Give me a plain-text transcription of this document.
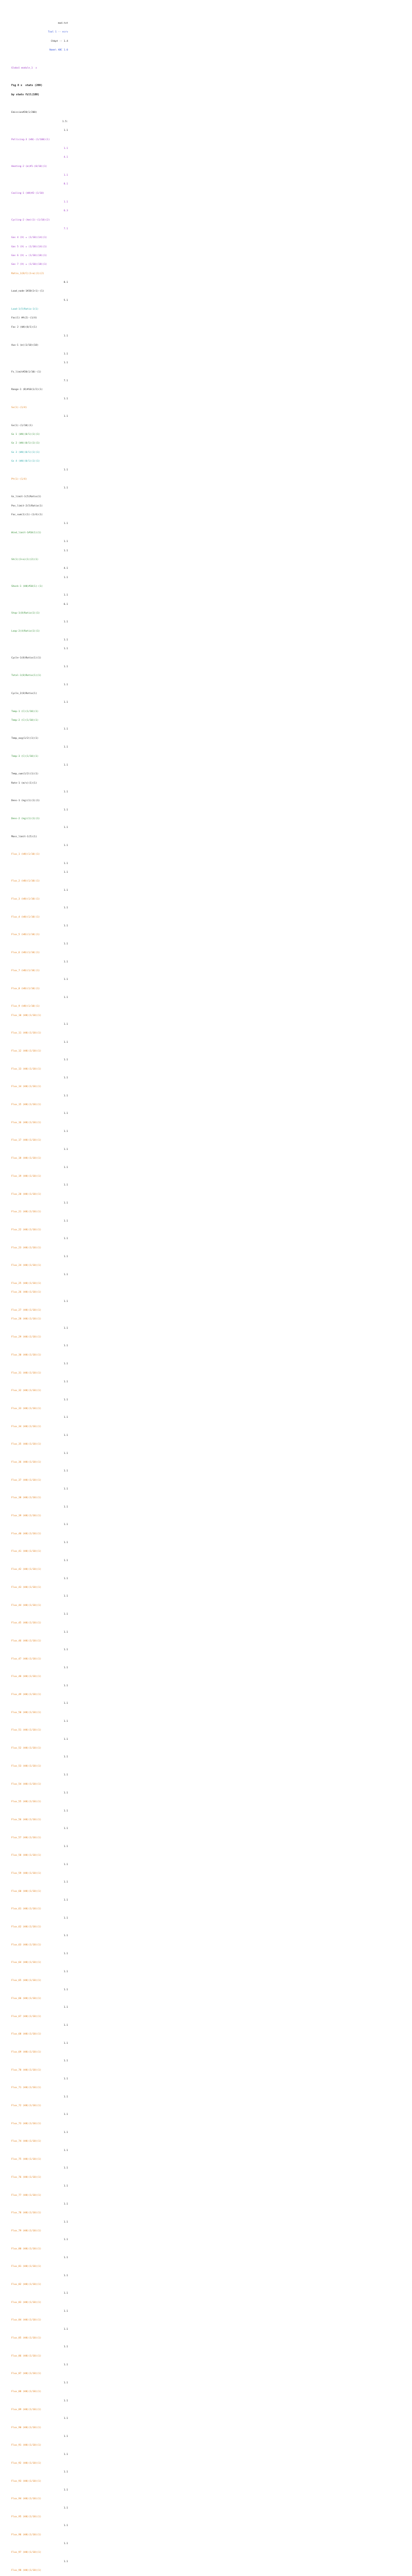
mod.txt
Tool 1 -- ecrv
Chkpt -- 1.4
Name\ ABC 1.0
Global module_1  x
Fig 8 x  stats (200)
by stats fill(100)
Emission#20(1/200)
1.5:
1.1
Pollicing-3 (kN)-(1/100)(1)
1.1
4.1
Heating-2 (m)#1-(8/10)(1)
1.1
8.1
Cooling-1 (kN)#2-(1/10)
1.1
6.3
Cycling-2 (km)(1)-(1/10)(2)
7.1
Gas 4 (V) = (1/10)(14)(1)
Gas 5 (V) = (1/10)(14)(1)
Gas 6 (V) = (1/10)(18)(1)
Gas 7 (V) = (1/10)(18)(1)
Ratio_1(B/C)(1+a)(1)(2)
8.1
Load_node-1#20(1+1)-(1)
5.1
Load-1(5)Ratio-1(1)
Fac(1) #A(2)-(1/4)
Fac 2 (kN)(0/1)(1)
1.1
Aux-1 (m)(1/10)(10)
1.1
1.1
Fs_limit#20(1/10)-(1)
7.1
Range-1 (B)#10(1/2)(1)
1.1
Sx(1)-(1/4)
1.1
Gx(1)-(1/10)(1)
Gx 1 (kN)(0/1)(1)(1)
Gx 2 (kN)(0/1)(1)(1)
Gx 3 (kN)(0/1)(1)(1)
Gx 4 (kN)(0/1)(1)(1)
1.1
Pt(1)-(1/4)
1.1
Gs_limit-1(5)Ratio(1)
Pos_limit-2(5)Ratio(1)
Fac_sum(1)(1)-(1/4)(1)
1.1
Wind_limit-1#10(1)(1)
1.1
1.1
Sh(1)(1+a)(1)(2)(1)
4.1
1.1
Shock-1 (kN)#10(1)-(1)
1.1
6.1
Stop-1(8)Ratio(1)(1)
1.1
Loop-2(4)Ratio(1)(1)
1.1
1.1
Cycle-1(8)Ratio(1)(1)
1.1
Total-1(8)Ratio(1)(1)
1.1
Cycle_2(8)Ratio(1)
1.1
Temp-1 (C)(1/10)(1)
Temp-2 (C)(1/10)(1)
1.1
Temp_avg(1/2)(1)(1)
1.1
Temp-3 (C)(1/10)(1)
1.1
Temp_sum(1/2)(1)(1)
Rate-1 (m/s)(1)(1)
1.1
Dens-1 (kg)(1)(1)(1)
1.1
Dens-2 (kg)(1)(1)(1)
1.1
Mass_limit-1(5)(1)
1.1
Flux_1 (kN)(1/10)(1)
1.1
1.1
Flux_2 (kN)(1/10)(1)
1.1
Flux_3 (kN)(1/10)(1)
1.1
Flux_4 (kN)(1/10)(1)
1.1
Flux_5 (kN)(1/10)(1)
1.1
Flux_6 (kN)(1/10)(1)
1.1
Flux_7 (kN)(1/10)(1)
1.1
Flux_8 (kN)(1/10)(1)
1.1
Flux_9 (kN)(1/10)(1)
Flux_10 (kN)(1/10)(1)
1.1
Flux_11 (kN)(1/10)(1)
1.1
Flux_12 (kN)(1/10)(1)
1.1
Flux_13 (kN)(1/10)(1)
1.1
Flux_14 (kN)(1/10)(1)
1.1
Flux_15 (kN)(1/10)(1)
1.1
Flux_16 (kN)(1/10)(1)
1.1
Flux_17 (kN)(1/10)(1)
1.1
Flux_18 (kN)(1/10)(1)
1.1
Flux_19 (kN)(1/10)(1)
1.1
Flux_20 (kN)(1/10)(1)
1.1
Flux_21 (kN)(1/10)(1)
1.1
Flux_22 (kN)(1/10)(1)
1.1
Flux_23 (kN)(1/10)(1)
1.1
Flux_24 (kN)(1/10)(1)
1.1
Flux_25 (kN)(1/10)(1)
Flux_26 (kN)(1/10)(1)
1.1
Flux_27 (kN)(1/10)(1)
Flux_28 (kN)(1/10)(1)
1.1
Flux_29 (kN)(1/10)(1)
1.1
Flux_30 (kN)(1/10)(1)
1.1
Flux_31 (kN)(1/10)(1)
1.1
Flux_32 (kN)(1/10)(1)
1.1
Flux_33 (kN)(1/10)(1)
1.1
Flux_34 (kN)(1/10)(1)
1.1
Flux_35 (kN)(1/10)(1)
1.1
Flux_36 (kN)(1/10)(1)
1.1
Flux_37 (kN)(1/10)(1)
1.1
Flux_38 (kN)(1/10)(1)
1.1
Flux_39 (kN)(1/10)(1)
1.1
Flux_40 (kN)(1/10)(1)
1.1
Flux_41 (kN)(1/10)(1)
1.1
Flux_42 (kN)(1/10)(1)
1.1
Flux_43 (kN)(1/10)(1)
1.1
Flux_44 (kN)(1/10)(1)
1.1
Flux_45 (kN)(1/10)(1)
1.1
Flux_46 (kN)(1/10)(1)
1.1
Flux_47 (kN)(1/10)(1)
1.1
Flux_48 (kN)(1/10)(1)
1.1
Flux_49 (kN)(1/10)(1)
1.1
Flux_50 (kN)(1/10)(1)
1.1
Flux_51 (kN)(1/10)(1)
1.1
Flux_52 (kN)(1/10)(1)
1.1
Flux_53 (kN)(1/10)(1)
1.1
Flux_54 (kN)(1/10)(1)
1.1
Flux_55 (kN)(1/10)(1)
1.1
Flux_56 (kN)(1/10)(1)
1.1
Flux_57 (kN)(1/10)(1)
1.1
Flux_58 (kN)(1/10)(1)
1.1
Flux_59 (kN)(1/10)(1)
1.1
Flux_60 (kN)(1/10)(1)
1.1
Flux_61 (kN)(1/10)(1)
1.1
Flux_62 (kN)(1/10)(1)
1.1
Flux_63 (kN)(1/10)(1)
1.1
Flux_64 (kN)(1/10)(1)
1.1
Flux_65 (kN)(1/10)(1)
1.1
Flux_66 (kN)(1/10)(1)
1.1
Flux_67 (kN)(1/10)(1)
1.1
Flux_68 (kN)(1/10)(1)
1.1
Flux_69 (kN)(1/10)(1)
1.1
Flux_70 (kN)(1/10)(1)
1.1
Flux_71 (kN)(1/10)(1)
1.1
Flux_72 (kN)(1/10)(1)
1.1
Flux_73 (kN)(1/10)(1)
1.1
Flux_74 (kN)(1/10)(1)
1.1
Flux_75 (kN)(1/10)(1)
1.1
Flux_76 (kN)(1/10)(1)
1.1
Flux_77 (kN)(1/10)(1)
1.1
Flux_78 (kN)(1/10)(1)
1.1
Flux_79 (kN)(1/10)(1)
1.1
Flux_80 (kN)(1/10)(1)
1.1
Flux_81 (kN)(1/10)(1)
1.1
Flux_82 (kN)(1/10)(1)
1.1
Flux_83 (kN)(1/10)(1)
1.1
Flux_84 (kN)(1/10)(1)
1.1
Flux_85 (kN)(1/10)(1)
1.1
Flux_86 (kN)(1/10)(1)
1.1
Flux_87 (kN)(1/10)(1)
1.1
Flux_88 (kN)(1/10)(1)
1.1
Flux_89 (kN)(1/10)(1)
1.1
Flux_90 (kN)(1/10)(1)
1.1
Flux_91 (kN)(1/10)(1)
1.1
Flux_92 (kN)(1/10)(1)
1.1
Flux_93 (kN)(1/10)(1)
1.1
Flux_94 (kN)(1/10)(1)
1.1
Flux_95 (kN)(1/10)(1)
1.1
Flux_96 (kN)(1/10)(1)
1.1
Flux_97 (kN)(1/10)(1)
1.1
Flux_98 (kN)(1/10)(1)
